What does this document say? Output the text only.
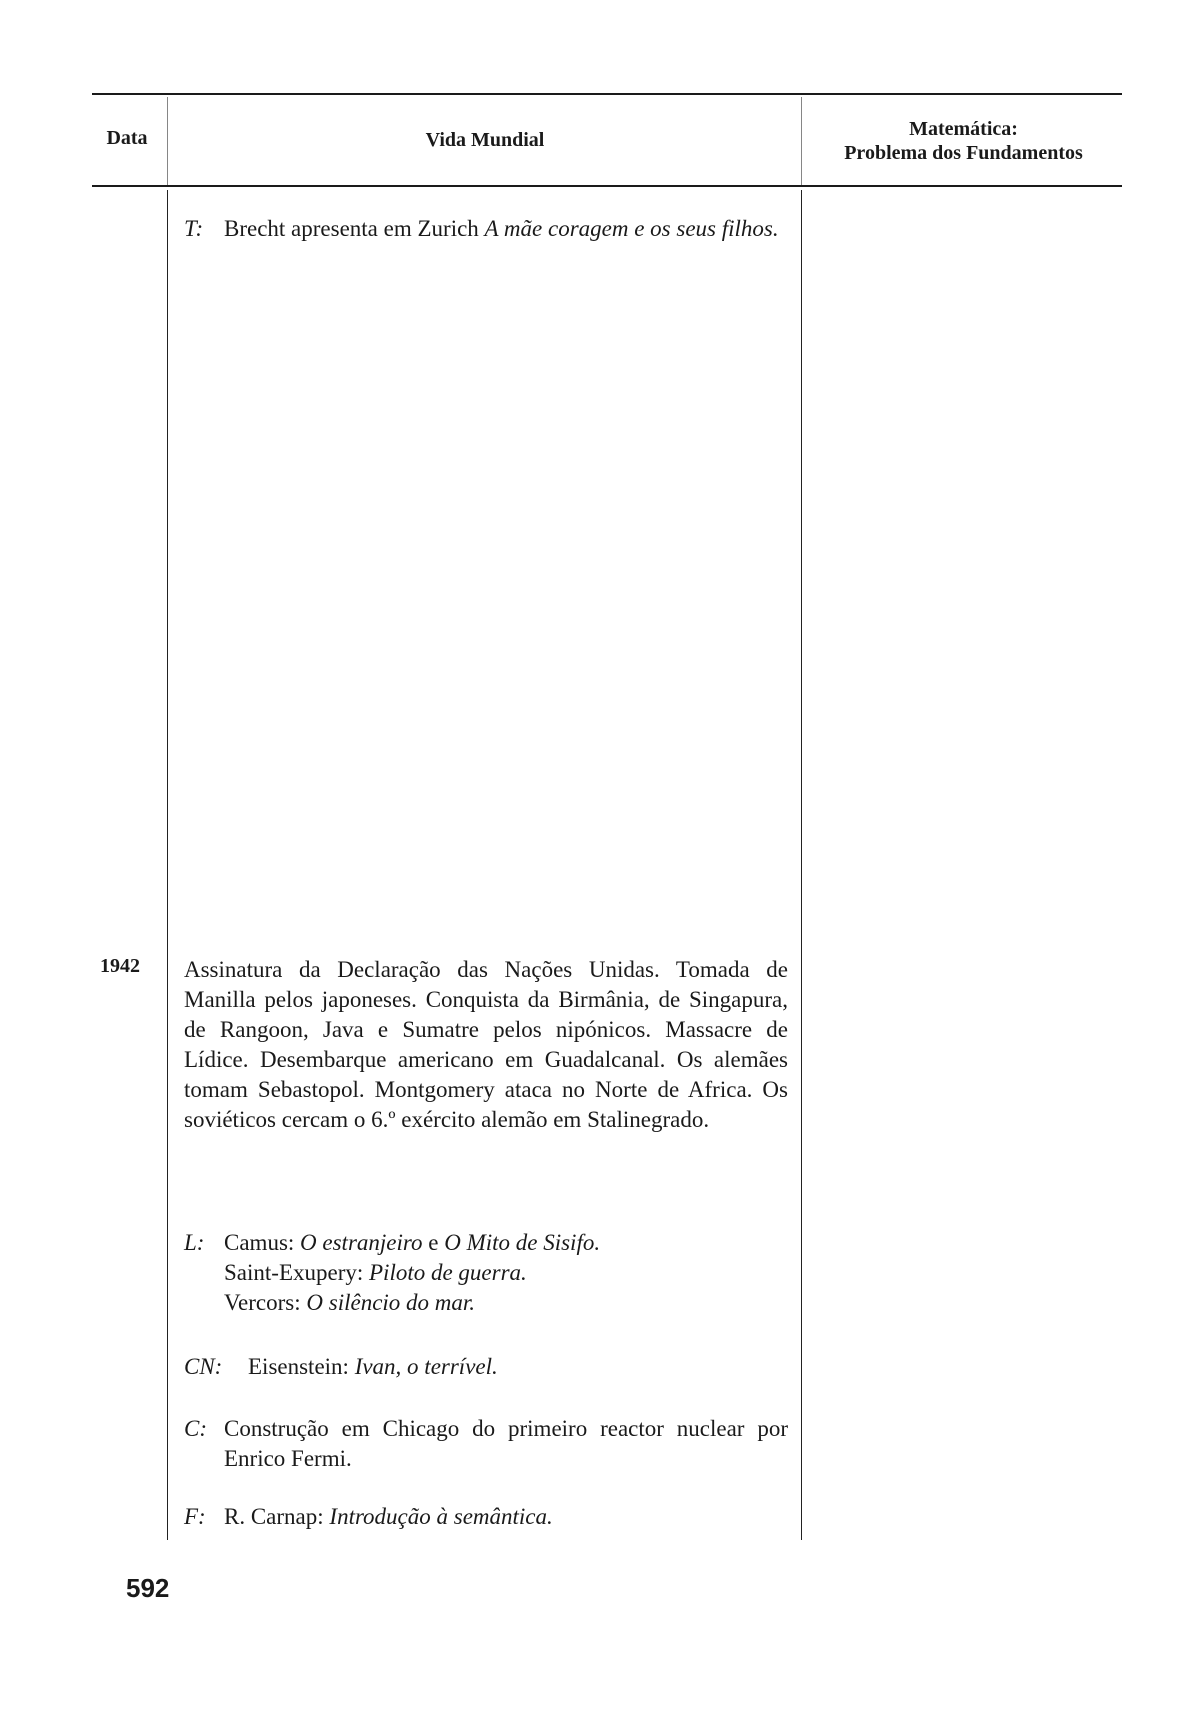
Data	Vida Mundial	Matemática:
Problema dos Fundamentos
T: Brecht apresenta em Zurich A mãe coragem e os seus filhos.
1942 Assinatura da Declaração das Nações Unidas. Tomada de Manilla pelos japoneses. Conquista da Birmânia, de Singapura, de Rangoon, Java e Sumatre pelos nipónicos. Massacre de Lídice. Desembarque americano em Guadalcanal. Os alemães tomam Sebastopol. Montgomery ataca no Norte de Africa. Os soviéticos cercam o 6.º exército alemão em Stalinegrado.
L: Camus: O estranjeiro e O Mito de Sisifo.
Saint-Exupery: Piloto de guerra.
Vercors: O silêncio do mar.
CN: Eisenstein: Ivan, o terrível.
C: Construção em Chicago do primeiro reactor nuclear por Enrico Fermi.
F: R. Carnap: Introdução à semântica.
592
